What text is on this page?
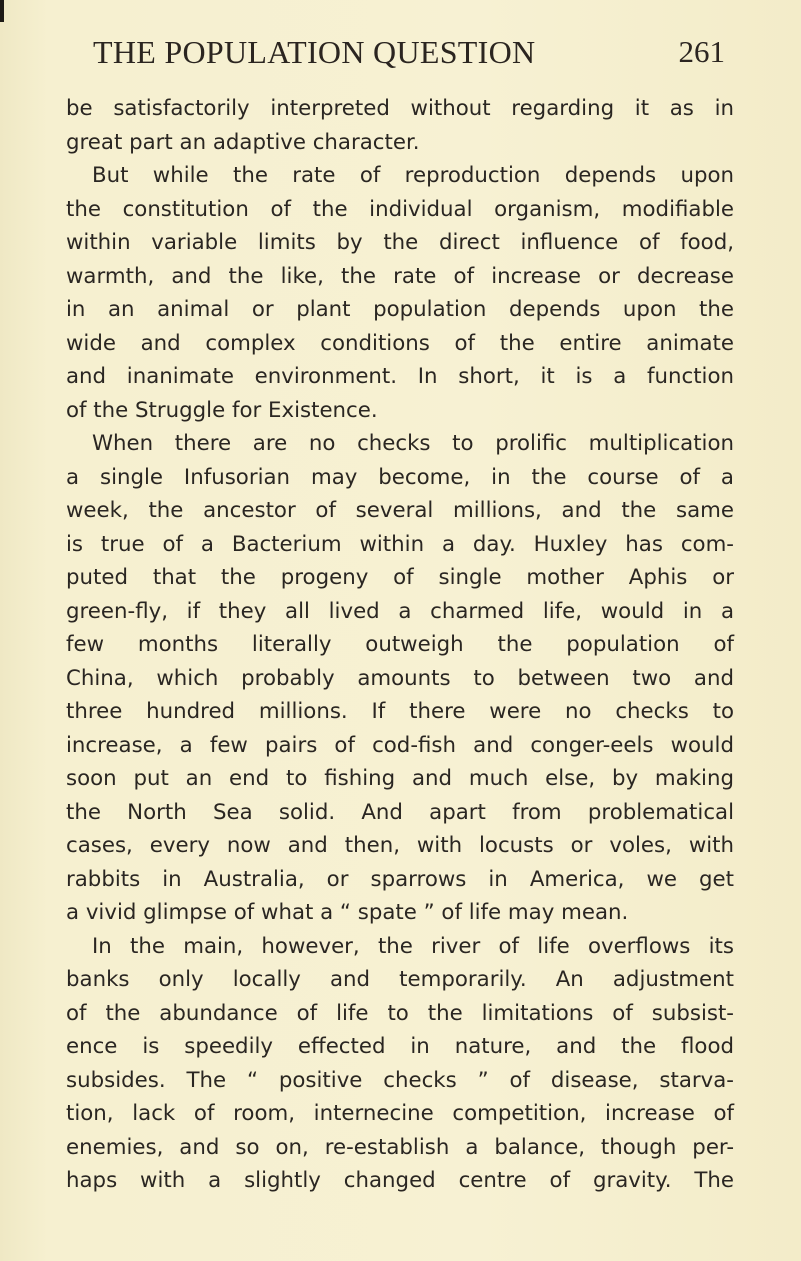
THE POPULATION QUESTION	261
be satisfactorily interpreted without regarding it as in
great part an adaptive character.
But while the rate of reproduction depends upon
the constitution of the individual organism, modifiable
within variable limits by the direct influence of food,
warmth, and the like, the rate of increase or decrease
in an animal or plant population depends upon the
wide and complex conditions of the entire animate
and inanimate environment. In short, it is a function
of the Struggle for Existence.
When there are no checks to prolific multiplication
a single Infusorian may become, in the course of a
week, the ancestor of several millions, and the same
is true of a Bacterium within a day. Huxley has com-
puted that the progeny of single mother Aphis or
green-fly, if they all lived a charmed life, would in a
few months literally outweigh the population of
China, which probably amounts to between two and
three hundred millions. If there were no checks to
increase, a few pairs of cod-fish and conger-eels would
soon put an end to fishing and much else, by making
the North Sea solid. And apart from problematical
cases, every now and then, with locusts or voles, with
rabbits in Australia, or sparrows in America, we get
a vivid glimpse of what a “ spate ” of life may mean.
In the main, however, the river of life overflows its
banks only locally and temporarily. An adjustment
of the abundance of life to the limitations of subsist-
ence is speedily effected in nature, and the flood
subsides. The “ positive checks ” of disease, starva-
tion, lack of room, internecine competition, increase of
enemies, and so on, re-establish a balance, though per-
haps with a slightly changed centre of gravity. The
